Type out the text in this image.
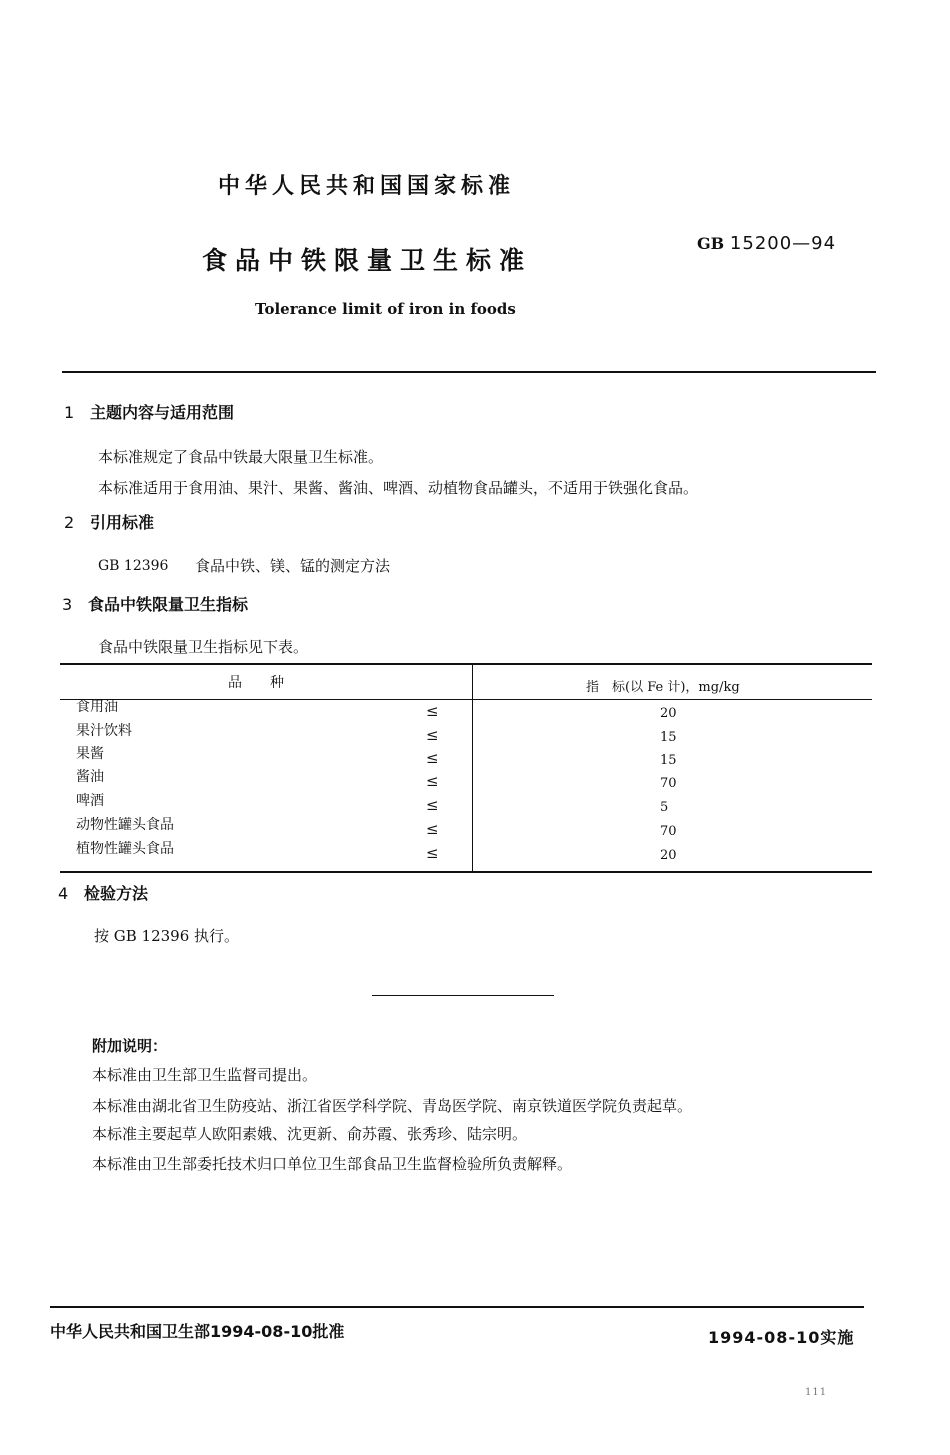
中华人民共和国国家标准
食品中铁限量卫生标准
GB 15200—94
Tolerance limit of iron in foods
1 主题内容与适用范围
本标准规定了食品中铁最大限量卫生标准。
本标准适用于食用油、果汁、果酱、酱油、啤酒、动植物食品罐头，不适用于铁强化食品。
2 引用标准
GB 12396 食品中铁、镁、锰的测定方法
3 食品中铁限量卫生指标
食品中铁限量卫生指标见下表。
品　　种	指　标(以 Fe 计)，mg/kg
食用油	≤	20
果汁饮料	≤	15
果酱	≤	15
酱油	≤	70
啤酒	≤	5
动物性罐头食品	≤	70
植物性罐头食品	≤	20
4 检验方法
按 GB 12396 执行。
附加说明：
本标准由卫生部卫生监督司提出。
本标准由湖北省卫生防疫站、浙江省医学科学院、青岛医学院、南京铁道医学院负责起草。
本标准主要起草人欧阳素娥、沈更新、俞苏霞、张秀珍、陆宗明。
本标准由卫生部委托技术归口单位卫生部食品卫生监督检验所负责解释。
中华人民共和国卫生部1994-08-10批准	1994-08-10实施
111
